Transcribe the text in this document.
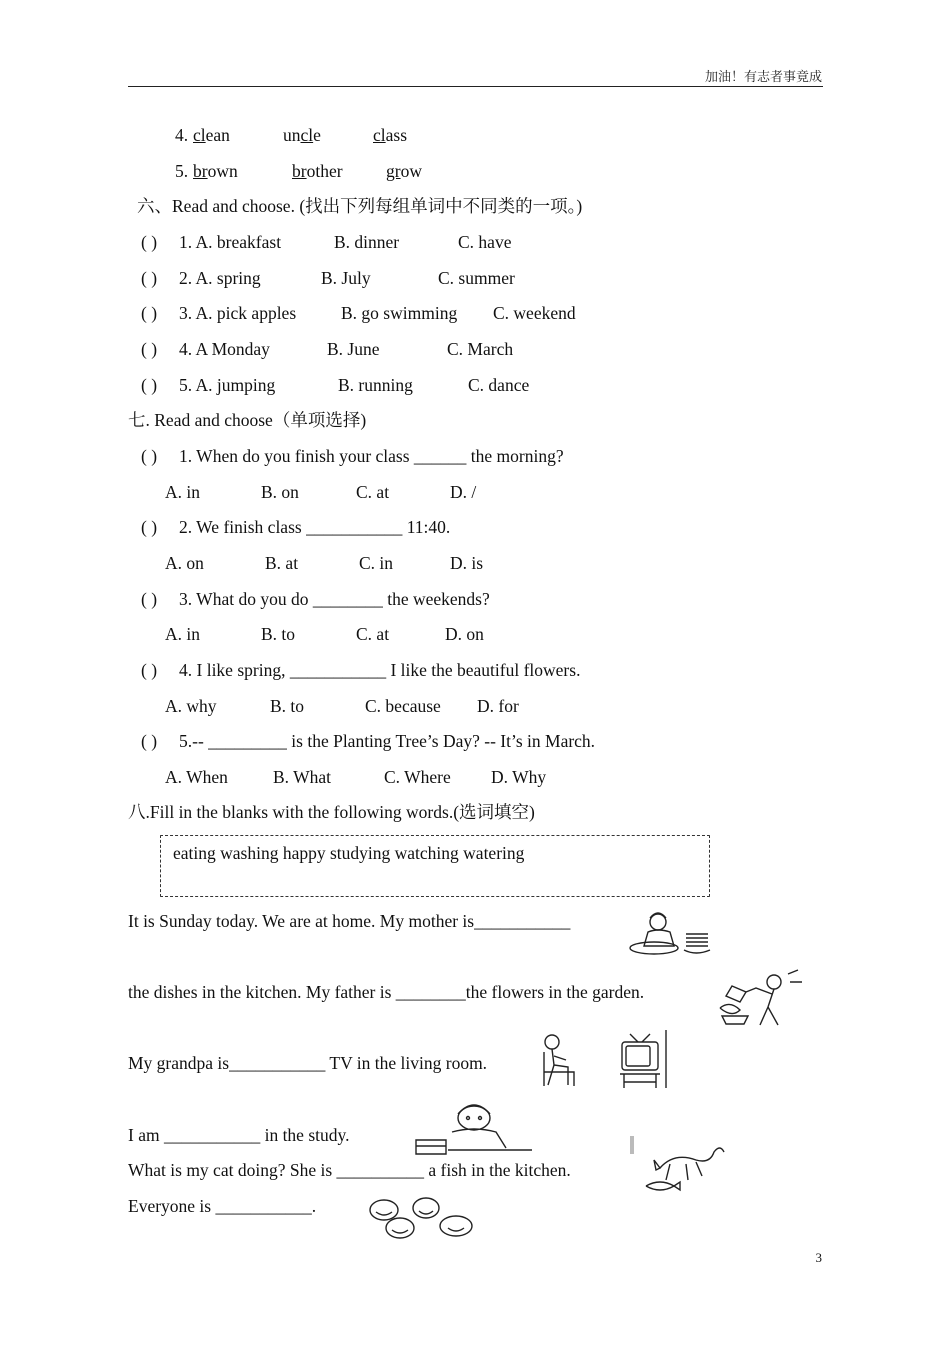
加油！有志者事竟成
4. clean	uncle	class
5. brown	brother grow
六、Read and choose. (找出下列每组单词中不同类的一项。)
( ) 1. A. breakfast	B. dinner	C. have
( ) 2. A. spring	B. July	C. summer
( ) 3. A. pick apples	B. go swimming C. weekend
( ) 4. A Monday	B. June	C. March
( ) 5. A. jumping	B. running	C. dance
七. Read and choose（单项选择)
( ) 1. When do you finish your class ______ the morning?
A. in	B. on	C. at	D. /
( ) 2. We finish class ___________ 11:40.
A. on	B. at	C. in	D. is
( ) 3. What do you do ________ the weekends?
A. in	B. to	C. at	D. on
( ) 4. I like spring, ___________ I like the beautiful flowers.
A. why	B. to	C. because D. for
( ) 5.-- _________ is the Planting Tree’s Day? -- It’s in March.
A. When	B. What	C. Where D. Why
八.Fill in the blanks with the following words.(选词填空)
eating washing happy studying watching watering
It is Sunday today. We are at home. My mother is___________
the dishes in the kitchen. My father is ________the flowers in the garden.
My grandpa is___________ TV in the living room.
I am ___________ in the study.
What is my cat doing? She is __________ a fish in the kitchen.
Everyone is ___________.
3
